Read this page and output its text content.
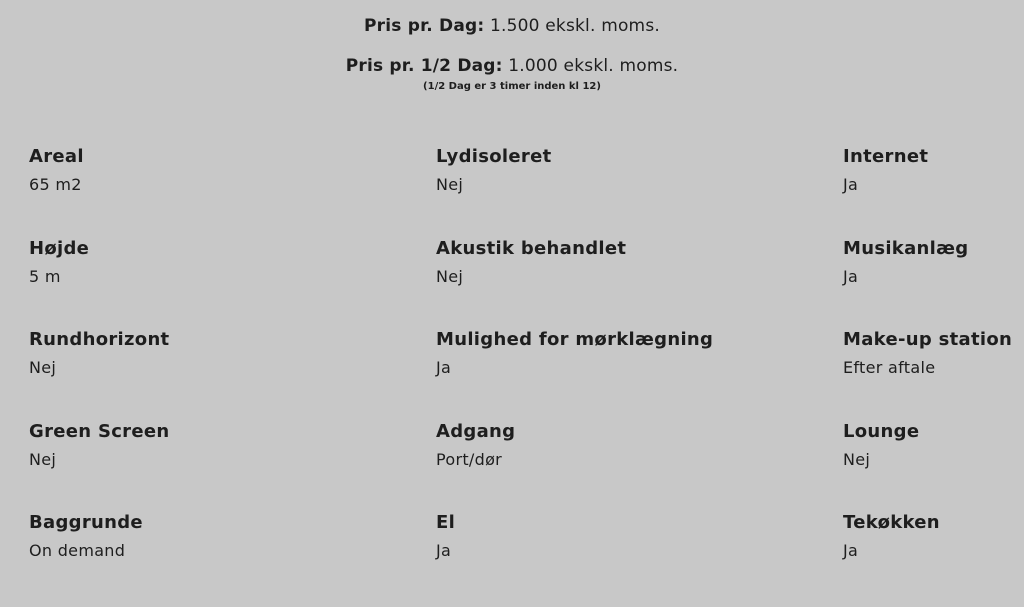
Pris pr. Dag: 1.500 ekskl. moms.
Pris pr. 1/2 Dag: 1.000 ekskl. moms.
(1/2 Dag er 3 timer inden kl 12)
Areal
65 m2
Lydisoleret
Nej
Internet
Ja
Højde
5 m
Akustik behandlet
Nej
Musikanlæg
Ja
Rundhorizont
Nej
Mulighed for mørklægning
Ja
Make-up station
Efter aftale
Green Screen
Nej
Adgang
Port/dør
Lounge
Nej
Baggrunde
On demand
El
Ja
Tekøkken
Ja
